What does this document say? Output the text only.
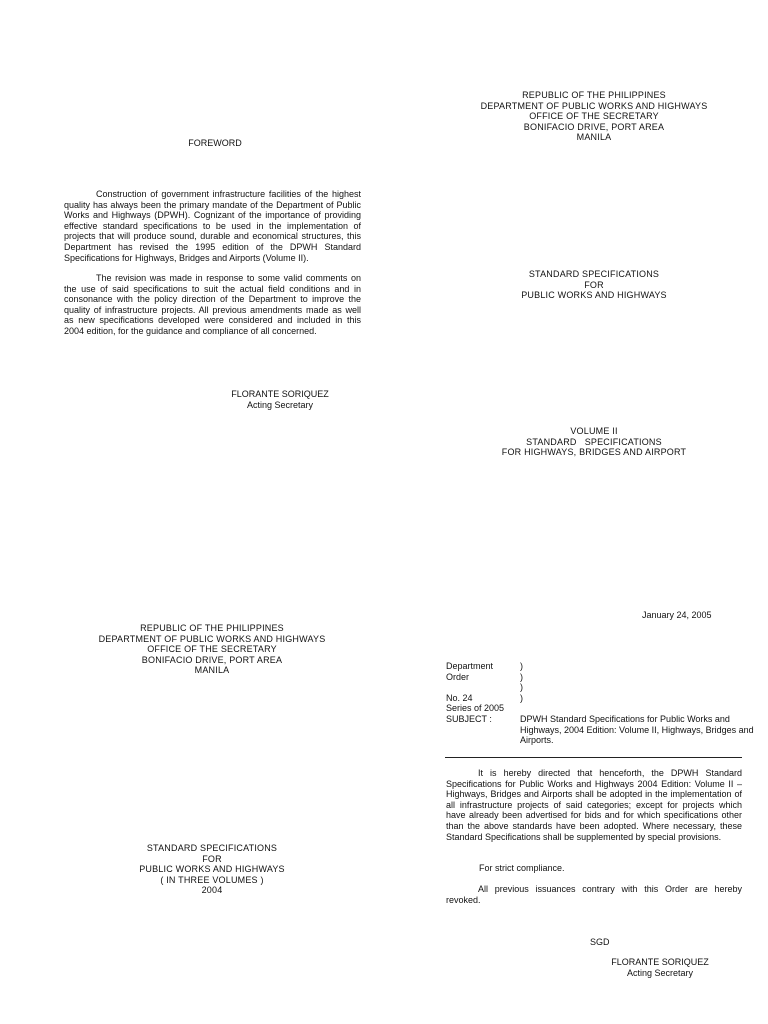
FOREWORD
Construction of government infrastructure facilities of the highest quality has always been the primary mandate of the Department of Public Works and Highways (DPWH). Cognizant of the importance of providing effective standard specifications to be used in the implementation of projects that will produce sound, durable and economical structures, this Department has revised the 1995 edition of the DPWH Standard Specifications for Highways, Bridges and Airports (Volume II).
The revision was made in response to some valid comments on the use of said specifications to suit the actual field conditions and in consonance with the policy direction of the Department to improve the quality of infrastructure projects. All previous amendments made as well as new specifications developed were considered and included in this 2004 edition, for the guidance and compliance of all concerned.
FLORANTE SORIQUEZ
Acting Secretary
REPUBLIC OF THE PHILIPPINES
DEPARTMENT OF PUBLIC WORKS AND HIGHWAYS
OFFICE OF THE SECRETARY
BONIFACIO DRIVE, PORT AREA
MANILA
STANDARD SPECIFICATIONS
FOR
PUBLIC WORKS AND HIGHWAYS
VOLUME II
STANDARD   SPECIFICATIONS
FOR HIGHWAYS, BRIDGES AND AIRPORT
REPUBLIC OF THE PHILIPPINES
DEPARTMENT OF PUBLIC WORKS AND HIGHWAYS
OFFICE OF THE SECRETARY
BONIFACIO DRIVE, PORT AREA
MANILA
STANDARD SPECIFICATIONS
FOR
PUBLIC WORKS AND HIGHWAYS
( IN THREE VOLUMES )
2004
January 24, 2005
Department
Order
No. 24
Series of 2005
SUBJECT :
)
)
)
)
DPWH Standard Specifications for Public Works and Highways, 2004 Edition: Volume II, Highways, Bridges and Airports.
It is hereby directed that henceforth, the DPWH Standard Specifications for Public Works and Highways 2004 Edition: Volume II – Highways, Bridges and Airports shall be adopted in the implementation of all infrastructure projects of said categories; except for projects which have already been advertised for bids and for which specifications other than the above standards have been adopted. Where necessary, these Standard Specifications shall be supplemented by special provisions.
For strict compliance.
All previous issuances contrary with this Order are hereby revoked.
SGD
FLORANTE SORIQUEZ
Acting Secretary
